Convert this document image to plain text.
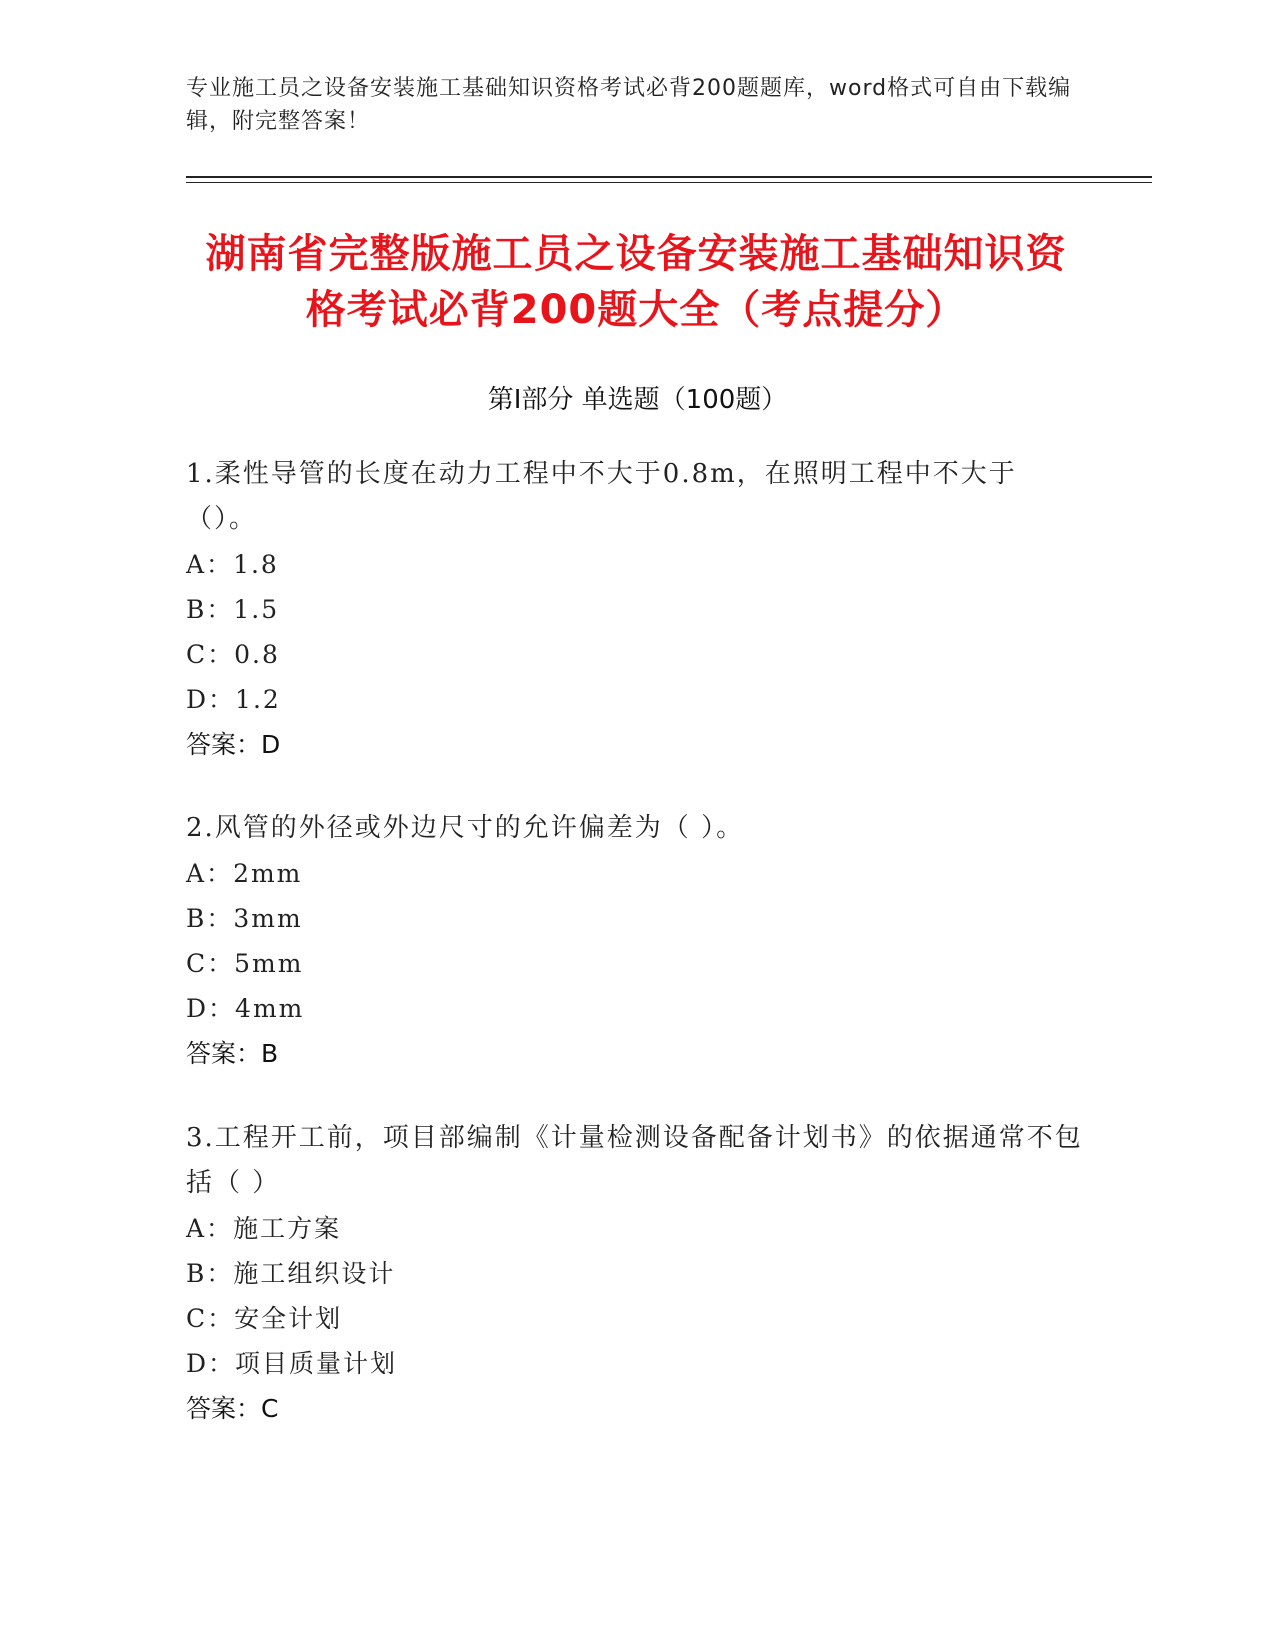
专业施工员之设备安装施工基础知识资格考试必背200题题库，word格式可自由下载编辑，附完整答案！
湖南省完整版施工员之设备安装施工基础知识资格考试必背200题大全（考点提分）
第I部分 单选题（100题）
1.柔性导管的长度在动力工程中不大于0.8m，在照明工程中不大于（）。
A：1.8
B：1.5
C：0.8
D：1.2
答案：D
2.风管的外径或外边尺寸的允许偏差为（ ）。
A：2mm
B：3mm
C：5mm
D：4mm
答案：B
3.工程开工前，项目部编制《计量检测设备配备计划书》的依据通常不包括（ ）
A：施工方案
B：施工组织设计
C：安全计划
D：项目质量计划
答案：C
